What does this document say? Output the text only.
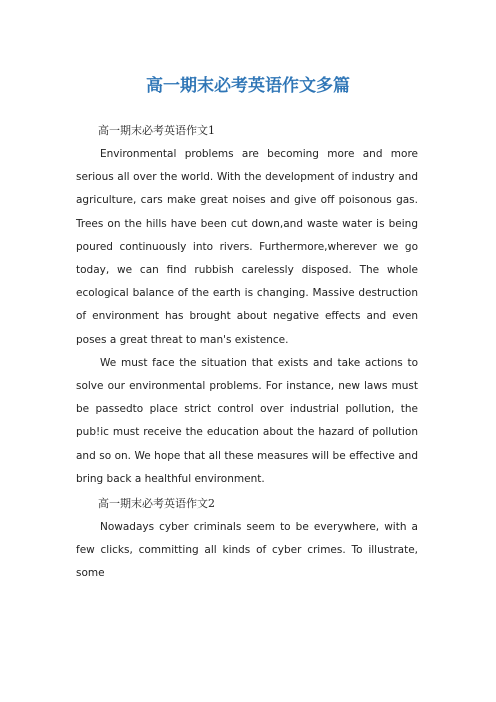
高一期末必考英语作文多篇

高一期末必考英语作文1

Environmental problems are becoming more and more serious all over the world. With the development of industry and agriculture, cars make great noises and give off poisonous gas. Trees on the hills have been cut down,and waste water is being poured continuously into rivers. Furthermore,wherever we go today, we can find rubbish carelessly disposed. The whole ecological balance of the earth is changing. Massive destruction of environment has brought about negative effects and even poses a great threat to man's existence.

We must face the situation that exists and take actions to solve our environmental problems. For instance, new laws must be passedto place strict control over industrial pollution, the pub!ic must receive the education about the hazard of pollution and so on. We hope that all these measures will be effective and bring back a healthful environment.

高一期末必考英语作文2

Nowadays cyber criminals seem to be everywhere, with a few clicks, committing all kinds of cyber crimes. To illustrate, some
